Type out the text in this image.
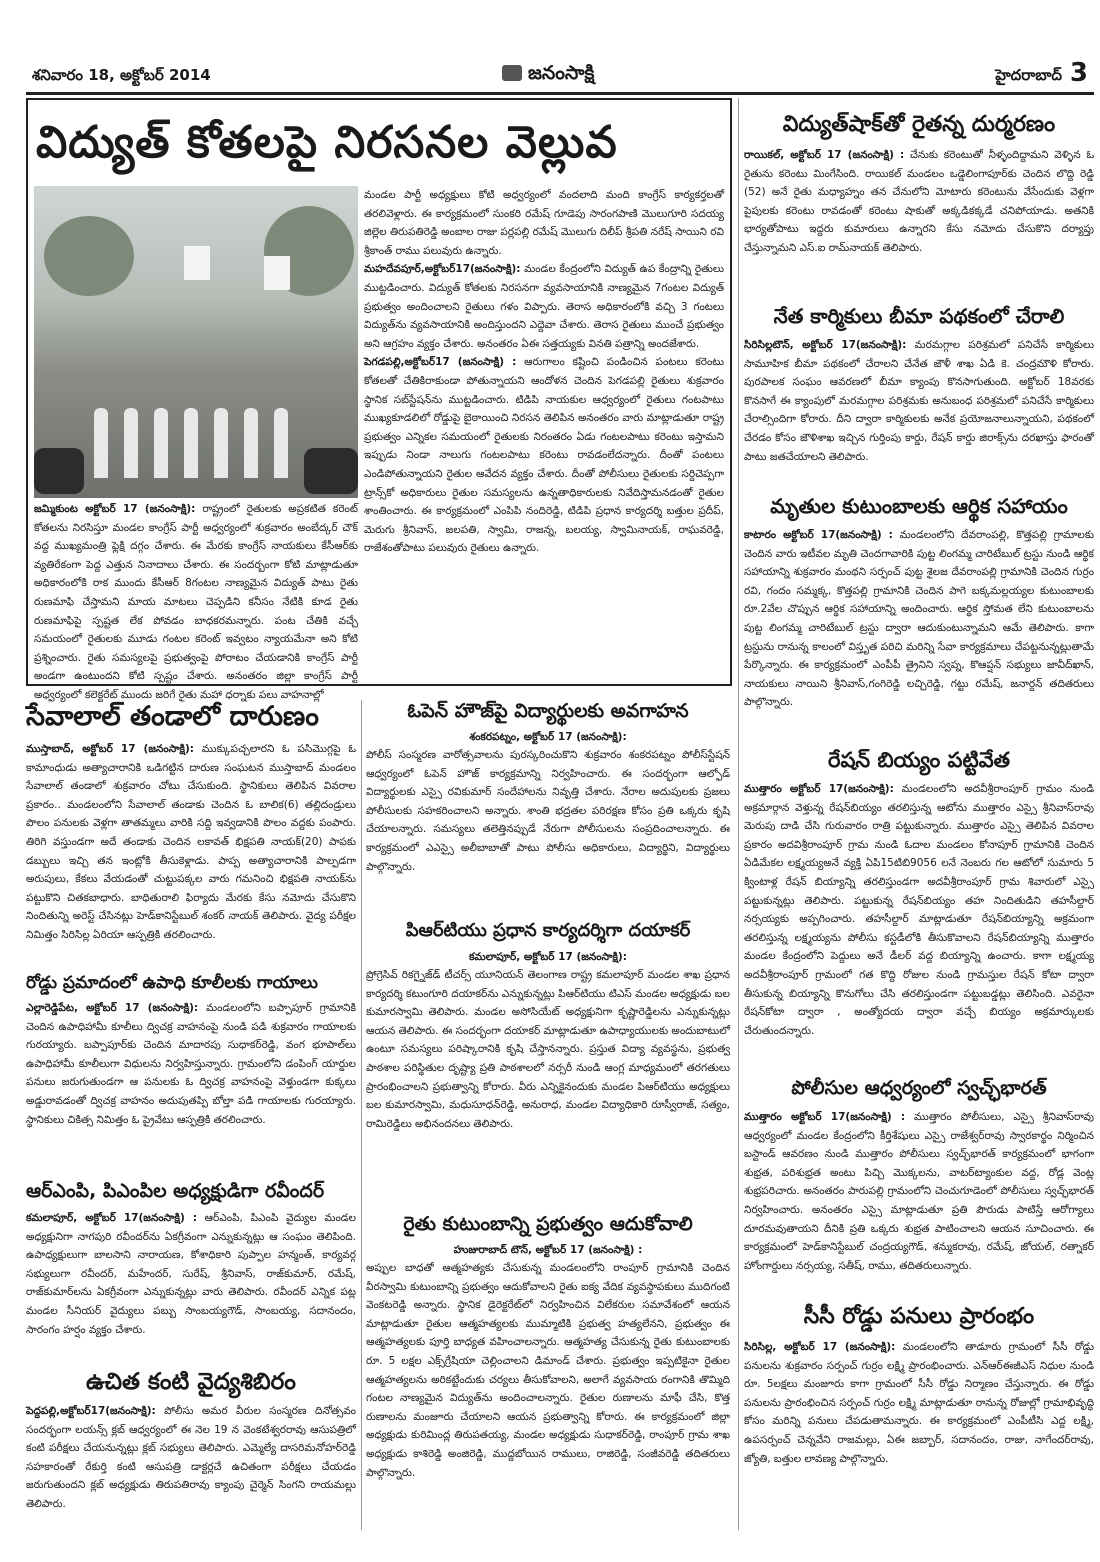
శనివారం 18, అక్టోబర్‌ 2014	జనంసాక్షి	హైదరాబాద్‌ 3
విద్యుత్‌ కోతలపై నిరసనల వెల్లువ

జమ్మికుంట అక్టోబర్‌ 17 (జనంసాక్షి): రాష్ట్రంలో రైతులకు అప్రకటిత కరెంట్‌ కోతలను నిరసిస్తూ మండల కాంగ్రేస్‌ పార్టీ అధ్వర్యంలో శుక్రవారం అంబేద్కర్‌ చౌక్‌ వద్ద ముఖ్యమంత్రి ఫ్లెక్షి దగ్గం చేశారు. ఈ మేరకు కాంగ్రేస్‌ నాయకులు కేసీఆర్‌కు వ్యతిరేకంగా పెద్ద ఎత్తున నినాదాలు చేశారు. ఈ సందర్బంగా కోటి మాట్లాడుతూ అధికారంలోకి రాక ముందు కేసీఆర్‌ 8గంటల నాణ్యమైన విద్యుత్‌ పాటు రైతు రుణమాఫి చేస్తామని మాయ మాటలు చెప్పడిని కనీసం నేటికి కూడ రైతు రుణమాఫిపై స్పష్టత లేక పోవడం బాధకరమన్నారు. పంట చేతికి వచ్చే సమయంలో రైతులకు మూడు గంటల కరెంట్‌ ఇవ్వటం న్యాయమేనా అని కోటి ప్రశ్నించారు. రైతు సమస్యలపై ప్రభుత్వంపై పోరాటం చేయడానికి కాంగ్రేస్‌ పార్టీ అండగా ఉంటుందని కోటి స్పష్టం చేశారు. అనంతరం జిల్లా కాంగ్రేస్‌ పార్టీ అధ్వర్యంలో కలెక్టరేట్‌ ముందు జరిగే రైతు మహా ధర్నాకు పలు వాహనాల్లో

మండల పార్టీ అధ్యక్షులు కోటి అధ్వర్యంలో వందలాది మంది కాంగ్రేస్‌ కార్యకర్తలతో తరలివెళ్లారు. ఈ కార్యక్రమంలో సుంకరి రమేష్‌ గూడెపు సారంగపాణి మొలుగూరి సదయ్య జిల్లెల తిరుపతిరెడ్డి అంబాల రాజు పర్లపల్లి రమేష్‌ మొలుగు దిలీప్‌ శ్రీపతి నరేష్‌ సాయిని రవి శ్రీకాంత్‌ రాము పలువురు ఉన్నారు.

మహదేవపూర్‌,అక్టోబర్‌17(జనంసాక్షి): మండల కేంద్రంలోని విద్యుత్‌ ఉప కేంద్రాన్ని రైతులు ముట్టడించారు. విద్యుత్‌ కోతలకు నిరసనగా వ్యవసాయానికి నాణ్యమైన 7గంటల విద్యుత్‌ ప్రభుత్వం అందించాలని రైతులు గళం విప్పారు. తెరాస అధికారంలోకి వచ్చి 3 గంటలు విద్యుత్‌ను వ్యవసాయానికి అందిస్తుందని ఎద్దెవా చేశారు. తెరాస రైతులు ముంచే ప్రభుత్వం అని ఆగ్రహం వ్యక్తం చేశారు. అనంతరం ఏఈ సత్తయ్యకు వినతి పత్రాన్ని అందజేశారు.

పెగడపల్లి,అక్టోబర్‌17 (జనంసాక్షి) : ఆరుగాలం కష్టించి పండించిన పంటలు కరెంటు కోతలతో చేతికిరాకుండా పోతున్నాయని ఆందోళన చెందిన పెగడపల్లి రైతులు శుక్రవారం స్థానిక సబ్‌స్టేషన్‌ను ముట్టడించారు. టిడిపి నాయకుల ఆధ్వర్యంలో రైతులు గంటపాటు ముఖ్యకూడలిలో రోడ్డుపై బైఠాయించి నిరసన తెలిపిన అనంతరం వారు మాట్లాడుతూ రాష్ట్ర ప్రభుత్వం ఎన్నికల సమయంలో రైతులకు నిరంతరం ఏడు గంటలపాటు కరెంటు ఇస్తామని ఇప్పుడు నిండా నాలుగు గంటలపాటు కరెంటు రావడంలేదన్నారు. దీంతో పంటలు ఎండిపోతున్నాయని రైతుల ఆవేదన వ్యక్తం చేశారు. దీంతో పోలీసులు రైతులకు సర్దిచెప్పగా ట్రాన్స్‌కో అధికారులు రైతుల సమస్యలను ఉన్నతాధికారులకు నివేదిస్తామనడంతో రైతుల శాంతించారు. ఈ కార్యక్రమంలో ఎంపిపి నందిరెడ్డి, టిడిపి ప్రధాన కార్యదర్శి బత్తుల ప్రదీప్‌, మెరుగు శ్రీనివాస్‌, జలపతి, స్వామి, రాజన్న, బలయ్య, స్వామినాయక్‌, రాఘవరెడ్డి, రాజేశంతోపాటు పలువురు రైతులు ఉన్నారు.

సేవాలాల్‌ తండాలో దారుణం

ముస్తాబాద్‌, అక్టోబర్‌ 17 (జనంసాక్షి): ముక్కుపచ్చలారని ఓ పసిమొగ్గపై ఓ కామాంధుడు అత్యాచారానికి ఒడిగట్టిన దారుణ సంఘటన ముస్తాబాద్‌ మండలం సేవాలాల్‌ తండాలో శుక్రవారం చోటు చేసుకుంది. స్థానికులు తెలిపిన వివరాల ప్రకారం.. మండలంలోని సేవాలాల్‌ తండాకు చెందిన ఓ బాలిక(6) తల్లిదండ్రులు పొలం పనులకు వెళ్లగా తాతమ్మలు వారికి సద్ది ఇవ్వడానికి పొలం వద్దకు పంపారు. తిరిగి వస్తుండగా అదే తండాకు చెందిన లకావత్‌ భిక్షపతి నాయక్‌(20) పాపకు డబ్బులు ఇచ్చి తన ఇంట్లోకి తీసుకెళ్లాడు. పాప్ప అత్యాచారానికి పాల్పడగా అరుపులు, కేకలు వేయడంతో చుట్టుపక్కల వారు గమనించి భిక్షపతి నాయక్‌ను పట్టుకొని చితకబాధారు. బాధితురాలి ఫిర్యాదు మేరకు కేసు నమోదు చేసుకొని నిందితున్ని అరెస్ట్‌ చేసినట్లు హెడ్‌కానిస్టేబుల్‌ శంకర్‌ నాయక్‌ తెలిపారు. వైద్య పరీక్షల నిమిత్తం సిరిసిల్ల ఏరియా ఆస్పత్రికి తరలించారు.

రోడ్డు ప్రమాదంలో ఉపాధి కూలీలకు గాయాలు

ఎల్లారెడ్డిపేట, అక్టోబర్‌ 17 (జనంసాక్షి): మండలంలోని బప్పాపూర్‌ గ్రామానికి చెందిన ఉపాధిహామీ కూలీలు ద్విచక్ర వాహనంపై నుండి పడి శుక్రవారం గాయాలకు గురయ్యారు. బప్పాపూర్‌కు చెందిన మాదారపు సుధాకర్‌రెడ్డి, వంగ భూపాల్‌లు ఉపాధిహామీ కూలీలుగా విధులను నిర్వహిస్తున్నారు. గ్రామంలోని డంపింగ్‌ యార్డుల పనులు జరుగుతుండగా ఆ పనులకు ఓ ద్విచక్ర వాహనంపై వెళ్తుండగా కుక్కలు అడ్డురావడంతో ద్విచక్ర వాహనం అదుపుతప్పి బోల్తా పడి గాయాలకు గురయ్యారు. స్థానికులు చికిత్స నిమిత్తం ఓ ప్రైవేటు ఆస్పత్రికి తరలించారు.

ఆర్‌ఎంపి, పిఎంపిల అధ్యక్షుడిగా రవీందర్‌

కమలాపూర్‌, అక్టోబర్‌ 17(జనంసాక్షి) : ఆర్‌ఎంపి, పిఎంపి వైద్యుల మండల అధ్యక్షునిగా నాగపురి రవీందర్‌ను ఏకగ్రీవంగా ఎన్నుకున్నట్లు ఆ సంఘం తెలిపింది. ఉపాధ్యక్షులుగా బాలసాని నారాయణ, కోశాధికారి పుప్పాల హన్మంత్‌, కార్యవర్గ సభ్యులుగా రవీందర్‌, మహేందర్‌, సురేష్‌, శ్రీనివాస్‌, రాజ్‌కుమార్‌, రమేష్‌, రాజ్‌కుమార్‌లను ఏకగ్రీవంగా ఎన్నుకున్నట్లు వారు తెలిపారు. రవీందర్‌ ఎన్నిక పట్ల మండల సీనియర్‌ వైద్యులు పబ్బు సాంబయ్యగౌడ్‌, సాంబయ్య, సదానందం, సారంగం హర్షం వ్యక్తం చేశారు.

ఉచిత కంటి వైద్యశిబిరం

పెద్దపల్లి,అక్టోబర్‌17(జనంసాక్షి): పోలీసు అమర వీరుల సంస్మరణ దినోత్సవం సందర్భంగా లయన్స్‌ క్లబ్‌ ఆధ్వర్యంలో ఈ నెల 19 న వెంకటేశ్వరరావు ఆసుపత్రిలో కంటి పరీక్షలు చేయనున్నట్లు క్లబ్‌ సభ్యులు తెలిపారు. ఎమ్మెల్యే దాసరిమనోహర్‌రెడ్డి సహకారంతో రేకుర్తి కంటి ఆసుపత్రి డాక్టర్లచే ఉచితంగా పరీక్షలు చేయడం జరుగుతుందని క్లబ్‌ అధ్యక్షుడు తిరుపతిరావు క్యాంపు చైర్మెన్‌ సింగని రాయమల్లు తెలిపారు.

ఓపెన్‌ హౌజ్‌పై విద్యార్థులకు అవగాహన
శంకరపట్నం, అక్టోబర్‌ 17 (జనంసాక్షి):

పోలీస్‌ సంస్మరణ వారోత్సవాలను పురస్కరించుకొని శుక్రవారం శంకరపట్నం పోలీస్‌స్టేషన్‌ ఆధ్వర్యంలో ఓపెన్‌ హౌజ్‌ కార్యక్రమాన్ని నిర్వహించారు. ఈ సందర్భంగా ఆల్ఫోడ్‌ విద్యార్థులకు ఎస్సై రవికుమార్‌ సందేహాలను నివృత్తి చేశారు. నేరాల అదుపులకు ప్రజలు పోలీసులకు సహకరించాలని అన్నారు. శాంతి భద్రతల పరిరక్షణ కోసం ప్రతి ఒక్కరు కృషి చేయాలన్నారు. సమస్యలు తలెత్తినప్పుడే నేరుగా పోలీసులను సంప్రదించాలన్నారు. ఈ కార్యక్రమంలో ఎఎస్సై అలీబాబాతో పాటు పోలీసు అధికారులు, విద్యార్థిని, విద్యార్థులు పాల్గొన్నారు.

పిఆర్‌టియు ప్రధాన కార్యదర్శిగా దయాకర్‌
కమలాపూర్‌, అక్టోబర్‌ 17 (జనంసాక్షి):

ప్రోగ్రెసివ్‌ రికగ్నైజ్‌డ్‌ టీచర్స్‌ యూనియన్‌ తెలంగాణ రాష్ట్ర కమలాపూర్‌ మండల శాఖ ప్రధాన కార్యదర్శి కటుంగూరి దయాకర్‌ను ఎన్నుకున్నట్లు పిఆర్‌టియు టిఎస్‌ మండల అధ్యక్షుడు బల కుమారస్వామి తెలిపారు. మండల అసోసియేట్‌ అధ్యక్షునిగా కృష్ణారెడ్డిలను ఎన్నుకున్నట్లు ఆయన తెలిపారు. ఈ సందర్భంగా దయాకర్‌ మాట్లాడుతూ ఉపాధ్యాయులకు అందుబాటులో ఉంటూ సమస్యలు పరిష్కారానికి కృషి చేస్తానన్నారు. ప్రస్తుత విద్యా వ్యవస్థను, ప్రభుత్వ పాఠశాల పరిస్థితుల దృష్ట్యా ప్రతి పాఠశాలలో నర్సరీ నుండి ఆంగ్ల మాధ్యమంలో తరగతులు ప్రారంభించాలని ప్రభుత్వాన్ని కోరారు. వీరు ఎన్నికైనందుకు మండల పిఆర్‌టియు అధ్యక్షులు బల కుమారస్వామి, మధుసూధన్‌రెడ్డి, అనురాధ, మండల విద్యాధికారి రూస్వీరాజ్‌, సత్యం, రామిరెడ్డిలు అభినందనలు తెలిపారు.

రైతు కుటుంబాన్ని ప్రభుత్వం ఆదుకోవాలి
హుజురాబాద్‌ టౌన్‌, అక్టోబర్‌ 17 (జనంసాక్షి) :

అప్పుల బాధతో ఆత్మహత్యకు చేసుకున్న మండలంలోని రాంపూర్‌ గ్రామానికి చెందిన వీరస్వామి కుటుంబాన్ని ప్రభుత్వం ఆదుకోవాలని రైతు ఐక్య వేదిక వ్యవస్థాపకులు ముదిగంటి వెంకటరెడ్డి అన్నారు. స్థానిక డైరెక్టరేట్‌లో నిర్వహించిన విలేకరుల సమావేశంలో ఆయన మాట్లాడుతూ రైతుల ఆత్మహత్యలకు ముమ్మాటికి ప్రభుత్వ హత్యలేనని, ప్రభుత్వం ఈ ఆత్మహత్యలకు పూర్తి బాధ్యత వహించాలన్నారు. ఆత్మహత్య చేసుకున్న రైతు కుటుంబాలకు రూ. 5 లక్షల ఎక్స్‌గ్రేషియా చెల్లించాలని డిమాండ్‌ చేశారు. ప్రభుత్వం ఇప్పటికైనా రైతుల ఆత్మహత్యలను అరికట్టేందుకు చర్యలు తీసుకోవాలని, అలాగే వ్యవసాయ రంగానికి తొమ్మిది గంటల నాణ్యమైన విద్యుత్‌ను అందించాలన్నారు. రైతుల రుణాలను మాఫీ చేసి, కొత్త రుణాలను మంజూరు చేయాలని ఆయన ప్రభుత్వాన్ని కోరారు. ఈ కార్యక్రమంలో జిల్లా అధ్యక్షుడు కురిమింద్ల తిరుపతయ్య, మండల అధ్యక్షుడు సుధాకర్‌రెడ్డి, రాంపూర్‌ గ్రామ శాఖ అధ్యక్షుడు కాశిరెడ్డి అంజిరెడ్డి, ముద్దబోయిన రాములు, రాజిరెడ్డి, సంజీవరెడ్డి తదితరులు పాల్గొన్నారు.

విద్యుత్‌షాక్‌తో రైతన్న దుర్మరణం

రాయికల్‌, అక్టోబర్‌ 17 (జనంసాక్షి) : చేనుకు కరెంటుతో నీళ్ళందిద్దామని వెళ్ళిన ఓ రైతును కరెంటు మింగేసింది. రాయికల్‌ మండలం ఒడ్డెలింగాపూర్‌కు చెందిన లొద్ది రెడ్డి (52) అనే రైతు మధ్యాహ్నం తన చేనులోని మోటారు కరెంటును వేసేందుకు వెళ్లగా పైపులకు కరెంటు రావడంతో కరెంటు షాకుతో అక్కడికక్కడే చనిపోయాడు. అతనికి భార్యతోపాటు ఇద్దరు కుమారులు ఉన్నారని కేసు నమోదు చేసుకొని దర్యాప్తు చేస్తున్నామని ఎస్‌.ఐ రామ్‌నాయక్‌ తెలిపారు.

నేత కార్మికులు బీమా పథకంలో చేరాలి

సిరిసిల్లటౌన్‌, అక్టోబర్‌ 17(జనంసాక్షి): మరమగ్గాల పరిశ్రమలో పనిచేసే కార్మికులు సామూహిక బీమా పథకంలో చేరాలని చేనేత జౌళీ శాఖ ఏడి కె. చంద్రమౌళి కోరారు. పురపాలక సంఘం ఆవరణలో బీమా క్యాంపు కొనసాగుతుంది. అక్టోబర్‌ 18వరకు కొనసాగే ఈ క్యాంపులో మరమగ్గాల పరిశ్రమకు అనుబంధ పరిశ్రమలో పనిచేసే కార్మికులు చేరాల్సిందిగా కోరారు. దీని ద్వారా కార్మికులకు అనేక ప్రయోజనాలున్నాయని, పథకంలో చేరడం కోసం జౌళిశాఖ ఇచ్చిన గుర్తింపు కార్డు, రేషన్‌ కార్డు జిరాక్స్‌ను దరఖాస్తు ఫారంతో పాటు జతచేయాలని తెలిపారు.

మృతుల కుటుంబాలకు ఆర్థిక సహాయం

కాటారం అక్టోబర్‌ 17(జనంసాక్షి) : మండలంలోని దేవరాంపల్లి, కొత్తపల్లి గ్రామాలకు చెందిన వారు ఇటీవల మృతి చెందగావారికి పుట్ట లింగమ్మ చారిటేబుల్‌ ట్రస్టు నుండి ఆర్థిక సహాయాన్ని శుక్రవారం మంథని సర్పంచ్‌ పుట్ట శైలజ దేవరాంపల్లి గ్రామానికి చెందిన గుర్రం రవి, గందం సమ్మక్క, కొత్తపల్లి గ్రామానికి చెందిన పాగె బక్కమల్లయ్యల కుటుంబాలకు రూ.2వేల చొప్పున ఆర్థిక సహాయాన్ని అందించారు. ఆర్థిక స్తోమత లేని కుటుంబాలను పుట్ట లింగమ్మ చారిటేబుల్‌ ట్రస్టు ద్వారా ఆదుకుంటున్నామని ఆమే తెలిపారు. కాగా ట్రస్టును రానున్న కాలంలో విస్తృత పరిచి మరిన్ని సేవా కార్యక్రమాలు చేపట్టనున్నట్లుతామే పేర్కొన్నారు. ఈ కార్యక్రమంలో ఎంపీపీ త్రైనిని స్వప్న, కొఆప్షన్‌ సభ్యులు జావీద్‌ఖాన్‌, నాయకులు నాయిని శ్రీనివాస్‌,గంగిరెడ్డి లచ్చిరెడ్డి, గట్టు రమేష్‌, జనార్దన్‌ తదితరులు పాల్గొన్నారు.

రేషన్‌ బియ్యం పట్టివేత

ముత్తారం అక్టోబర్‌ 17(జనంసాక్షి): మండలంలోని అదవీశ్రీరాంపూర్‌ గ్రామం నుండి అక్రమార్గాన వెళ్తున్న రేషన్‌బియ్యం తరలిస్తున్న ఆటోను ముత్తారం ఎస్సై శ్రీనివాస్‌రావు మెరుపు దాడి చేసి గురువారం రాత్రి పట్టుకున్నారు. ముత్తారం ఎస్సై తెలిపిన వివరాల ప్రకారం అదవిశ్రీరాంపూర్‌ గ్రామ నుండి ఓదాల మండలం కోనాపూర్‌ గ్రామానికి చెందిన ఏడిమేకల లక్ష్మయ్యఅనే వ్యక్తి ఏపి15టిబి9056 లనే నెంబరు గల ఆటోలో సుమారు 5 క్వింటాళ్ల రేషన్‌ బియ్యాన్ని తరలిస్తుండగా అదవీశ్రీరాంపూర్‌ గ్రామ శివారులో ఎస్సై పట్టుకున్నట్లు తెలిపారు. పట్టుకున్న రేషన్‌బియ్యం తహ నిందితుడిని తహసీల్దార్‌ నర్సయ్యకు అప్పగించారు. తహసీల్దార్‌ మాట్లాడుతూ రేషన్‌బియ్యాన్ని అక్రమంగా తరలిస్తున్న లక్ష్మయ్యను పోలీసు కస్టడీలోకి తీసుకొవాలని రేషన్‌బియ్యాన్ని ముత్తారం మండల కేంద్రంలోని పెద్దులు అనే డీలర్‌ వద్ద బియ్యాన్ని ఉంచారు. కాగా లక్ష్మయ్య అదవీశ్రీరాంపూర్‌ గ్రామంలో గత కొద్ది రోజుల నుండి గ్రామస్తుల రేషన్‌ కోటా ద్వారా తీసుకున్న బియ్యాన్ని కొనుగోలు చేసి తరలిస్తుండగా పట్టుబడ్డట్లు తెలిసింది. ఎవరైనా రేషన్‌కోటా ద్వారా , అంత్యోదయ ద్వారా వచ్చే బియ్యం అక్రమార్కులకు చేరుతుందన్నారు.

పోలీసుల ఆధ్వర్యంలో స్వచ్ఛ్‌భారత్‌

ముత్తారం అక్టోబర్‌ 17(జనంసాక్షి) : ముత్తారం పోలీసులు, ఎస్సై శ్రీనివాస్‌రావు ఆధ్వర్యంలో మండల కేంద్రంలోని కీర్తిశేషులు ఎస్సై రాజేశ్వర్‌రావు స్వారకార్థం నిర్మించిన బస్టాండ్‌ ఆవరణం నుండి ముత్తారం పోలీసులు స్వచ్ఛ్‌భారత్‌ కార్యక్రమంలో భాగంగా శుభ్రత, పరిశుభ్రత అంటు పిచ్చి మొక్కలను, వాటర్‌ట్యాంకుల వద్ద, రోడ్ల వెంట్ల శుభ్రపరిచారు. అనంతరం పారుపల్లి గ్రామంలోని చెంచుగూడెంలో పోలీసులు స్వచ్ఛ్‌భారత్‌ నిర్వహించారు. అనంతరం ఎస్సై మాట్లాడుతూ ప్రతి పౌరుడు పాటిస్తే ఆరోగ్యాలు దూరమవుతాయని దీనికి ప్రతి ఒక్కరు శుభ్రత పాటించాలని ఆయన సూచించారు. ఈ కార్యక్రమంలో హెడ్‌కానిస్టేబుల్‌ చంద్రయ్యగౌడ్‌, శన్ముకరావు, రమేష్‌, జోయల్‌, రత్నాకర్‌ హోంగార్డులు నర్సయ్య, సతీష్‌, రాము, తదితరులున్నారు.

సీసీ రోడ్డు పనులు ప్రారంభం

సిరిసిల్ల, అక్టోబర్‌ 17 (జనంసాక్షి): మండలంలోని తాడూరు గ్రామంలో సీసీ రోడ్డు పనులను శుక్రవారం సర్పంచ్‌ గుర్రం లక్ష్మి ప్రారంభించారు. ఎన్‌ఆర్‌ఈజీఎస్‌ నిధుల నుండి రూ. 5లక్షలు మంజూరు కాగా గ్రామంలో సీసీ రోడ్డు నిర్మాణం చేస్తున్నారు. ఈ రోడ్డు పనులను ప్రారంభించిన సర్పంచ్‌ గుర్రం లక్ష్మి మాట్లాడుతూ రానున్న రోజుల్లో గ్రామాభివృద్ధి కోసం మరిన్ని పనులు చేపడుతామన్నారు. ఈ కార్యక్రమంలో ఎంపీటీసి ఎద్ద లక్ష్మి, ఉపసర్పంచ్‌ చెన్నవేని రాజమల్లు, ఏఈ జబ్బార్‌, సదానందం, రాజు, నాగేందర్‌రావు, జ్యోతి, బత్తుల లావణ్య పాల్గొన్నారు.
